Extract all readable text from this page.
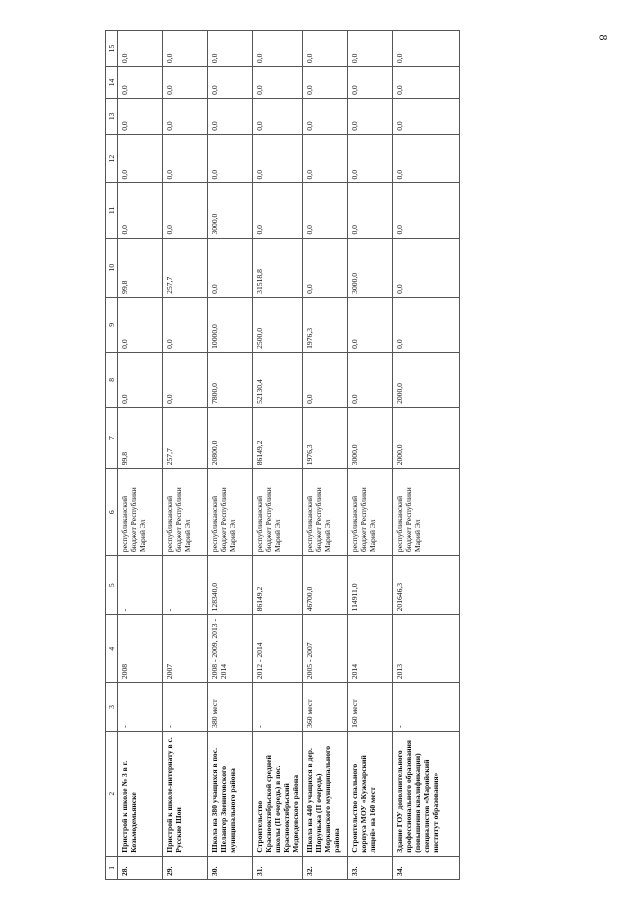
8
1	2	3	4	5	6	7	8	9	10	11	12	13	14	15
28.	Пристрой к школе № 3 в г. Козьмодемьянске	-	2008	-	республиканский бюджет Республики Марий Эл	99,8	0,0	0,0	99,8	0,0	0,0	0,0	0,0	0,0
29.	Пристрой к школе-интернату в с. Русские Шои	-	2007	-	республиканский бюджет Республики Марий Эл	257,7	0,0	0,0	257,7	0,0	0,0	0,0	0,0	0,0
30.	Школа на 380 учащихся в пос. Шелангер Звениговского муниципального района	380 мест	2008 - 2009, 2013 - 2014	128340,0	республиканский бюджет Республики Марий Эл	20800,0	7800,0	10000,0	0,0	3000,0	0,0	0,0	0,0	0,0
31.	Строительство Краснооктябрьской средней школы (II очередь) в пос. Краснооктябрьский Медведевского района	-	2012 - 2014	86149,2	республиканский бюджет Республики Марий Эл	86149,2	52130,4	2500,0	31518,8	0,0	0,0	0,0	0,0	0,0
32.	Школа на 440 учащихся в дер. Шоруньжа (II очередь) Моркинского муниципального района	360 мест	2005 - 2007	46700,0	республиканский бюджет Республики Марий Эл	1976,3	0,0	1976,3	0,0	0,0	0,0	0,0	0,0	0,0
33.	Строительство спального корпуса МОУ «Кужмарский лицей» на 160 мест	160 мест	2014	114911,0	республиканский бюджет Республики Марий Эл	3000,0	0,0	0,0	3000,0	0,0	0,0	0,0	0,0	0,0
34.	Здание ГОУ дополнительного профессионального образования (повышения квалификации) специалистов «Марийский институт образования»	-	2013	201646,3	республиканский бюджет Республики Марий Эл	2000,0	2000,0	0,0	0,0	0,0	0,0	0,0	0,0	0,0
